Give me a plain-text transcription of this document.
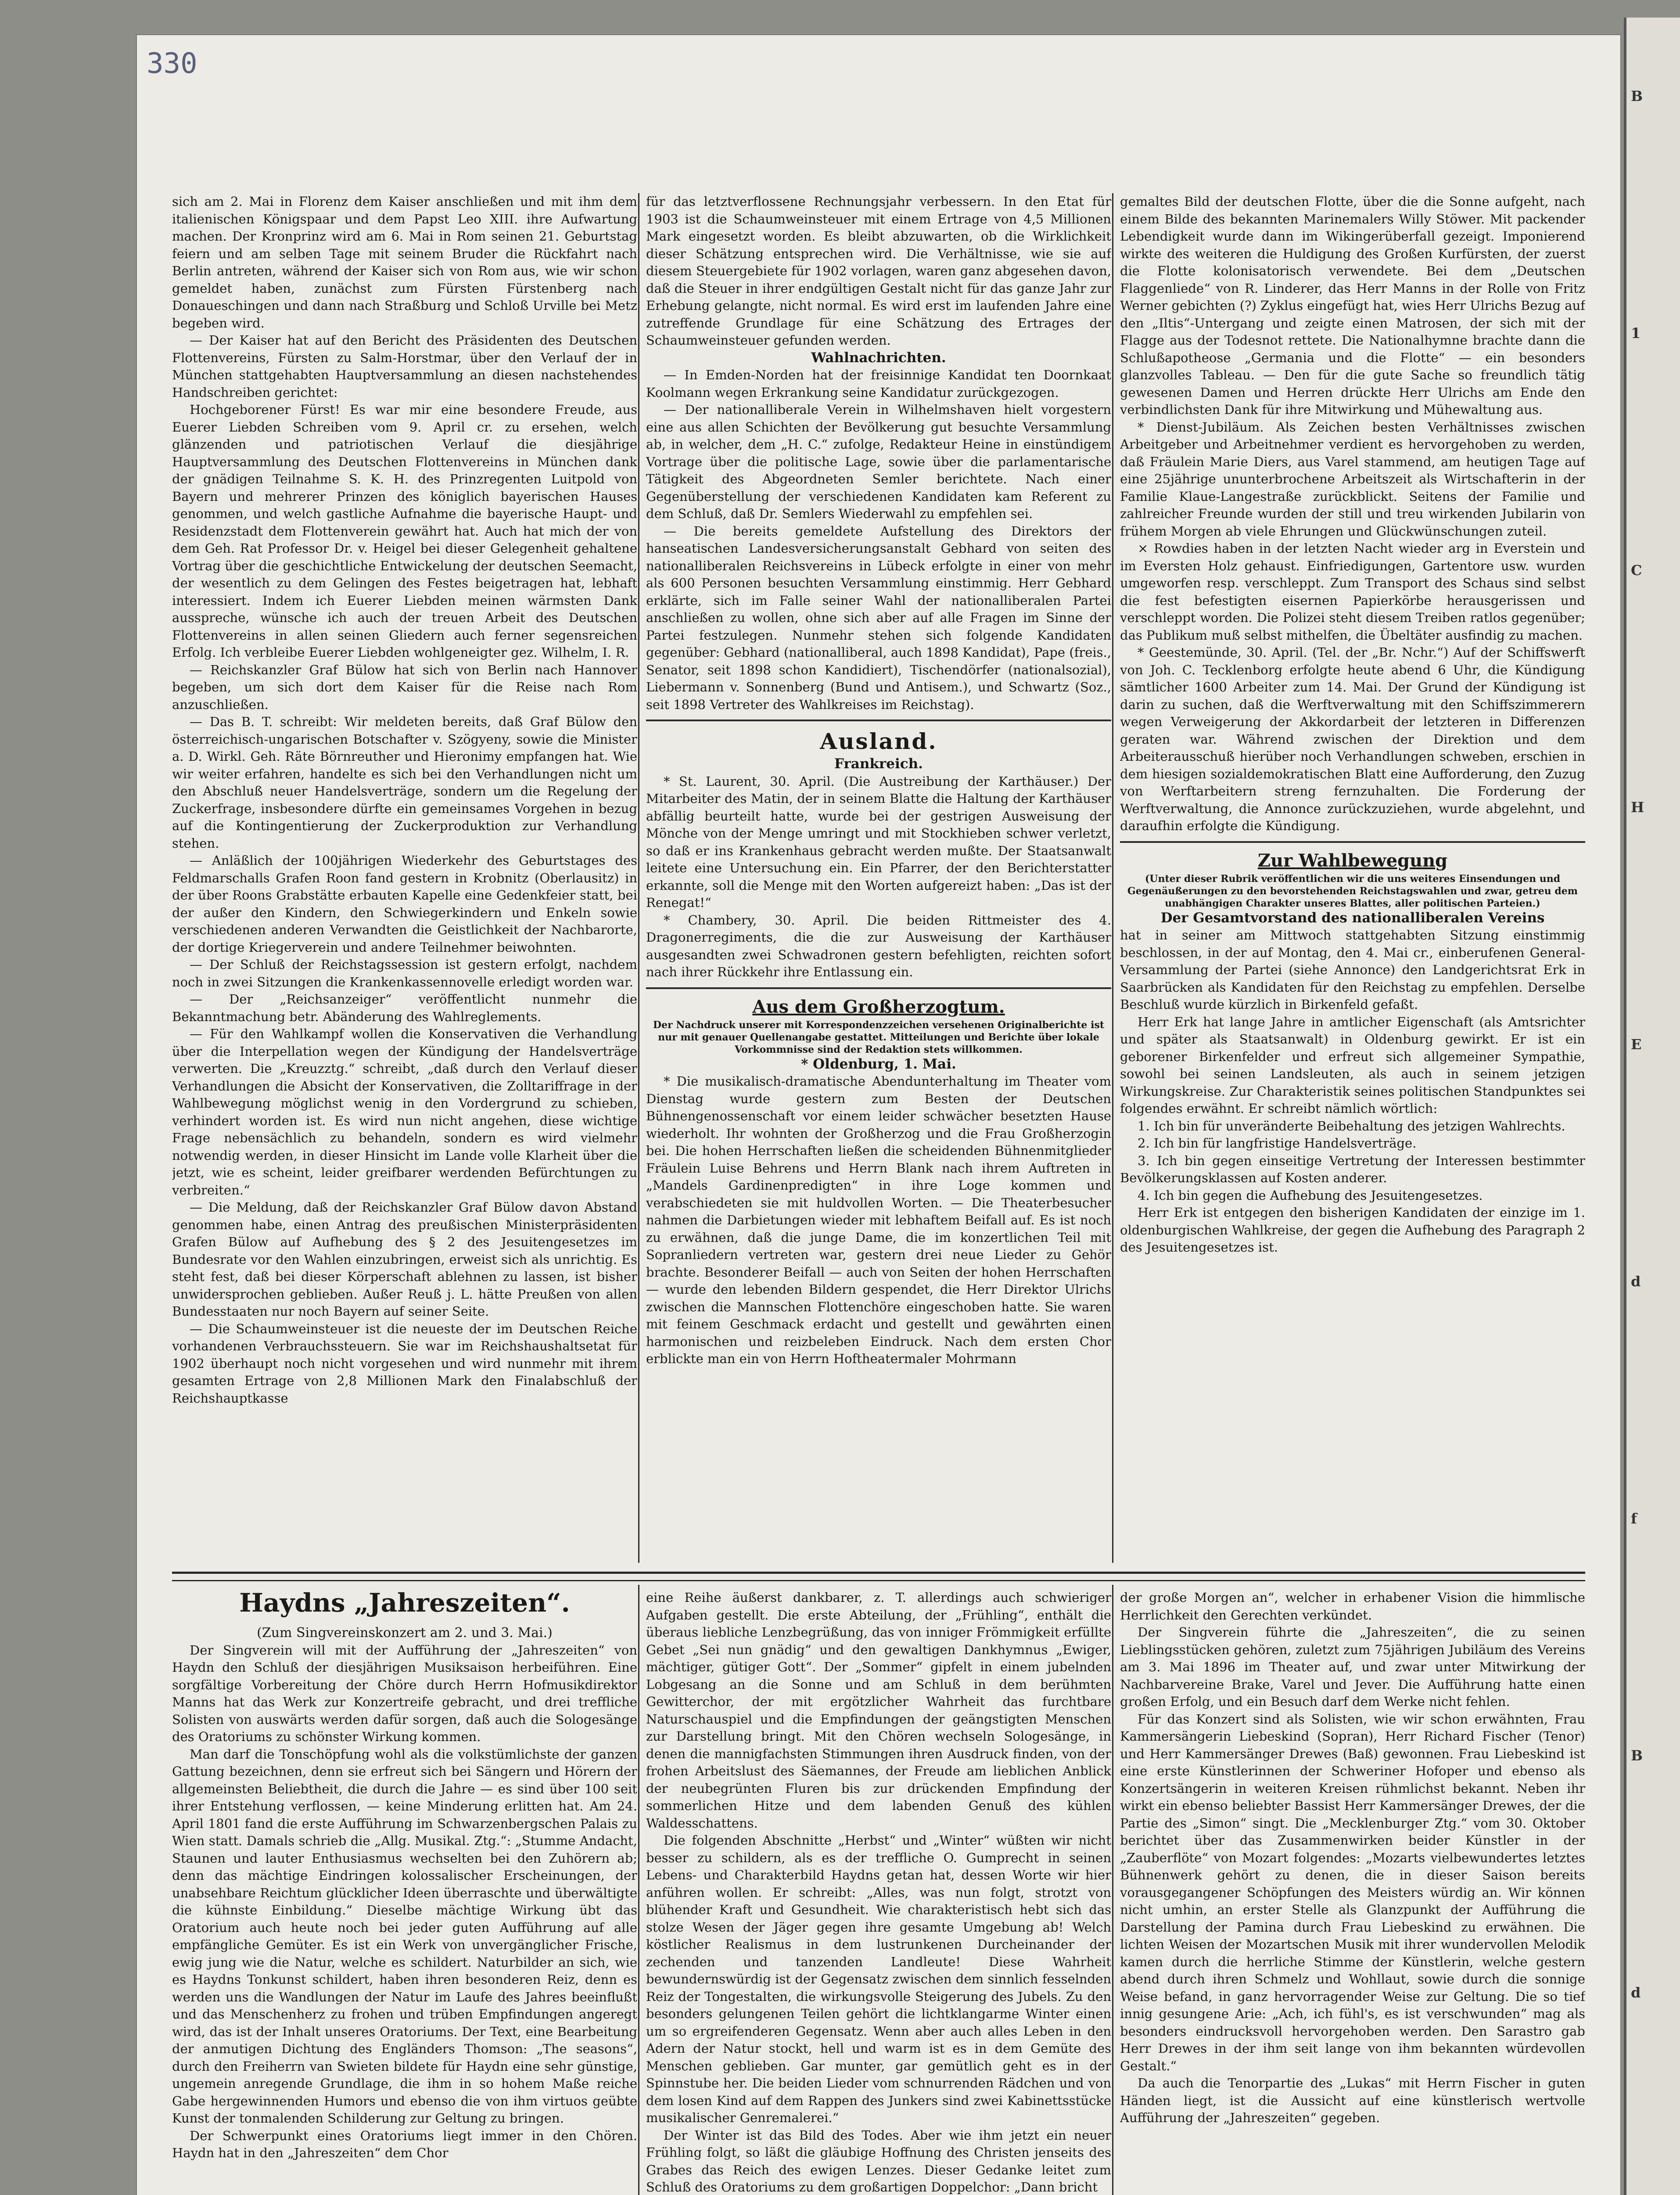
330

sich am 2. Mai in Florenz dem Kaiser anschließen und mit ihm dem italienischen Königspaar und dem Papst Leo XIII. ihre Aufwartung machen. Der Kronprinz wird am 6. Mai in Rom seinen 21. Geburtstag feiern und am selben Tage mit seinem Bruder die Rückfahrt nach Berlin antreten, während der Kaiser sich von Rom aus, wie wir schon gemeldet haben, zunächst zum Fürsten Fürstenberg nach Donaueschingen und dann nach Straßburg und Schloß Urville bei Metz begeben wird.

— Der Kaiser hat auf den Bericht des Präsidenten des Deutschen Flottenvereins, Fürsten zu Salm-Horstmar, über den Verlauf der in München stattgehabten Hauptversammlung an diesen nachstehendes Handschreiben gerichtet:

Hochgeborener Fürst! Es war mir eine besondere Freude, aus Euerer Liebden Schreiben vom 9. April cr. zu ersehen, welch glänzenden und patriotischen Verlauf die diesjährige Hauptversammlung des Deutschen Flottenvereins in München dank der gnädigen Teilnahme S. K. H. des Prinzregenten Luitpold von Bayern und mehrerer Prinzen des königlich bayerischen Hauses genommen, und welch gastliche Aufnahme die bayerische Haupt- und Residenzstadt dem Flottenverein gewährt hat. Auch hat mich der von dem Geh. Rat Professor Dr. v. Heigel bei dieser Gelegenheit gehaltene Vortrag über die geschichtliche Entwickelung der deutschen Seemacht, der wesentlich zu dem Gelingen des Festes beigetragen hat, lebhaft interessiert. Indem ich Euerer Liebden meinen wärmsten Dank ausspreche, wünsche ich auch der treuen Arbeit des Deutschen Flottenvereins in allen seinen Gliedern auch ferner segensreichen Erfolg. Ich verbleibe Euerer Liebden wohlgeneigter gez. Wilhelm, I. R.

— Reichskanzler Graf Bülow hat sich von Berlin nach Hannover begeben, um sich dort dem Kaiser für die Reise nach Rom anzuschließen.

— Das B. T. schreibt: Wir meldeten bereits, daß Graf Bülow den österreichisch-ungarischen Botschafter v. Szögyeny, sowie die Minister a. D. Wirkl. Geh. Räte Börnreuther und Hieronimy empfangen hat. Wie wir weiter erfahren, handelte es sich bei den Verhandlungen nicht um den Abschluß neuer Handelsverträge, sondern um die Regelung der Zuckerfrage, insbesondere dürfte ein gemeinsames Vorgehen in bezug auf die Kontingentierung der Zuckerproduktion zur Verhandlung stehen.

— Anläßlich der 100jährigen Wiederkehr des Geburtstages des Feldmarschalls Grafen Roon fand gestern in Krobnitz (Oberlausitz) in der über Roons Grabstätte erbauten Kapelle eine Gedenkfeier statt, bei der außer den Kindern, den Schwiegerkindern und Enkeln sowie verschiedenen anderen Verwandten die Geistlichkeit der Nachbarorte, der dortige Kriegerverein und andere Teilnehmer beiwohnten.

— Der Schluß der Reichstagssession ist gestern erfolgt, nachdem noch in zwei Sitzungen die Krankenkassennovelle erledigt worden war.

— Der „Reichsanzeiger“ veröffentlicht nunmehr die Bekanntmachung betr. Abänderung des Wahlreglements.

— Für den Wahlkampf wollen die Konservativen die Verhandlung über die Interpellation wegen der Kündigung der Handelsverträge verwerten. Die „Kreuzztg.“ schreibt, „daß durch den Verlauf dieser Verhandlungen die Absicht der Konservativen, die Zolltariffrage in der Wahlbewegung möglichst wenig in den Vordergrund zu schieben, verhindert worden ist. Es wird nun nicht angehen, diese wichtige Frage nebensächlich zu behandeln, sondern es wird vielmehr notwendig werden, in dieser Hinsicht im Lande volle Klarheit über die jetzt, wie es scheint, leider greifbarer werdenden Befürchtungen zu verbreiten.“

— Die Meldung, daß der Reichskanzler Graf Bülow davon Abstand genommen habe, einen Antrag des preußischen Ministerpräsidenten Grafen Bülow auf Aufhebung des § 2 des Jesuitengesetzes im Bundesrate vor den Wahlen einzubringen, erweist sich als unrichtig. Es steht fest, daß bei dieser Körperschaft ablehnen zu lassen, ist bisher unwidersprochen geblieben. Außer Reuß j. L. hätte Preußen von allen Bundesstaaten nur noch Bayern auf seiner Seite.

— Die Schaumweinsteuer ist die neueste der im Deutschen Reiche vorhandenen Verbrauchssteuern. Sie war im Reichshaushaltsetat für 1902 überhaupt noch nicht vorgesehen und wird nunmehr mit ihrem gesamten Ertrage von 2,8 Millionen Mark den Finalabschluß der Reichshauptkasse

für das letztverflossene Rechnungsjahr verbessern. In den Etat für 1903 ist die Schaumweinsteuer mit einem Ertrage von 4,5 Millionen Mark eingesetzt worden. Es bleibt abzuwarten, ob die Wirklichkeit dieser Schätzung entsprechen wird. Die Verhältnisse, wie sie auf diesem Steuergebiete für 1902 vorlagen, waren ganz abgesehen davon, daß die Steuer in ihrer endgültigen Gestalt nicht für das ganze Jahr zur Erhebung gelangte, nicht normal. Es wird erst im laufenden Jahre eine zutreffende Grundlage für eine Schätzung des Ertrages der Schaumweinsteuer gefunden werden.

Wahlnachrichten.

— In Emden-Norden hat der freisinnige Kandidat ten Doornkaat Koolmann wegen Erkrankung seine Kandidatur zurückgezogen.

— Der nationalliberale Verein in Wilhelmshaven hielt vorgestern eine aus allen Schichten der Bevölkerung gut besuchte Versammlung ab, in welcher, dem „H. C.“ zufolge, Redakteur Heine in einstündigem Vortrage über die politische Lage, sowie über die parlamentarische Tätigkeit des Abgeordneten Semler berichtete. Nach einer Gegenüberstellung der verschiedenen Kandidaten kam Referent zu dem Schluß, daß Dr. Semlers Wiederwahl zu empfehlen sei.

— Die bereits gemeldete Aufstellung des Direktors der hanseatischen Landesversicherungsanstalt Gebhard von seiten des nationalliberalen Reichsvereins in Lübeck erfolgte in einer von mehr als 600 Personen besuchten Versammlung einstimmig. Herr Gebhard erklärte, sich im Falle seiner Wahl der nationalliberalen Partei anschließen zu wollen, ohne sich aber auf alle Fragen im Sinne der Partei festzulegen. Nunmehr stehen sich folgende Kandidaten gegenüber: Gebhard (nationalliberal, auch 1898 Kandidat), Pape (freis., Senator, seit 1898 schon Kandidiert), Tischendörfer (nationalsozial), Liebermann v. Sonnenberg (Bund und Antisem.), und Schwartz (Soz., seit 1898 Vertreter des Wahlkreises im Reichstag).

Ausland.

Frankreich.

* St. Laurent, 30. April. (Die Austreibung der Karthäuser.) Der Mitarbeiter des Matin, der in seinem Blatte die Haltung der Karthäuser abfällig beurteilt hatte, wurde bei der gestrigen Ausweisung der Mönche von der Menge umringt und mit Stockhieben schwer verletzt, so daß er ins Krankenhaus gebracht werden mußte. Der Staatsanwalt leitete eine Untersuchung ein. Ein Pfarrer, der den Berichterstatter erkannte, soll die Menge mit den Worten aufgereizt haben: „Das ist der Renegat!“

* Chambery, 30. April. Die beiden Rittmeister des 4. Dragonerregiments, die die zur Ausweisung der Karthäuser ausgesandten zwei Schwadronen gestern befehligten, reichten sofort nach ihrer Rückkehr ihre Entlassung ein.

Aus dem Großherzogtum.

Der Nachdruck unserer mit Korrespondenzzeichen versehenen Originalberichte ist nur mit genauer Quellenangabe gestattet. Mitteilungen und Berichte über lokale Vorkommnisse sind der Redaktion stets willkommen.

* Oldenburg, 1. Mai.

* Die musikalisch-dramatische Abendunterhaltung im Theater vom Dienstag wurde gestern zum Besten der Deutschen Bühnengenossenschaft vor einem leider schwächer besetzten Hause wiederholt. Ihr wohnten der Großherzog und die Frau Großherzogin bei. Die hohen Herrschaften ließen die scheidenden Bühnenmitglieder Fräulein Luise Behrens und Herrn Blank nach ihrem Auftreten in „Mandels Gardinenpredigten“ in ihre Loge kommen und verabschiedeten sie mit huldvollen Worten. — Die Theaterbesucher nahmen die Darbietungen wieder mit lebhaftem Beifall auf. Es ist noch zu erwähnen, daß die junge Dame, die im konzertlichen Teil mit Sopranliedern vertreten war, gestern drei neue Lieder zu Gehör brachte. Besonderer Beifall — auch von Seiten der hohen Herrschaften — wurde den lebenden Bildern gespendet, die Herr Direktor Ulrichs zwischen die Mannschen Flottenchöre eingeschoben hatte. Sie waren mit feinem Geschmack erdacht und gestellt und gewährten einen harmonischen und reizbeleben Eindruck. Nach dem ersten Chor erblickte man ein von Herrn Hoftheatermaler Mohrmann

gemaltes Bild der deutschen Flotte, über die die Sonne aufgeht, nach einem Bilde des bekannten Marinemalers Willy Stöwer. Mit packender Lebendigkeit wurde dann im Wikingerüberfall gezeigt. Imponierend wirkte des weiteren die Huldigung des Großen Kurfürsten, der zuerst die Flotte kolonisatorisch verwendete. Bei dem „Deutschen Flaggenliede“ von R. Linderer, das Herr Manns in der Rolle von Fritz Werner gebichten (?) Zyklus eingefügt hat, wies Herr Ulrichs Bezug auf den „Iltis“-Untergang und zeigte einen Matrosen, der sich mit der Flagge aus der Todesnot rettete. Die Nationalhymne brachte dann die Schlußapotheose „Germania und die Flotte“ — ein besonders glanzvolles Tableau. — Den für die gute Sache so freundlich tätig gewesenen Damen und Herren drückte Herr Ulrichs am Ende den verbindlichsten Dank für ihre Mitwirkung und Mühewaltung aus.

* Dienst-Jubiläum. Als Zeichen besten Verhältnisses zwischen Arbeitgeber und Arbeitnehmer verdient es hervorgehoben zu werden, daß Fräulein Marie Diers, aus Varel stammend, am heutigen Tage auf eine 25jährige ununterbrochene Arbeitszeit als Wirtschafterin in der Familie Klaue-Langestraße zurückblickt. Seitens der Familie und zahlreicher Freunde wurden der still und treu wirkenden Jubilarin von frühem Morgen ab viele Ehrungen und Glückwünschungen zuteil.

× Rowdies haben in der letzten Nacht wieder arg in Everstein und im Eversten Holz gehaust. Einfriedigungen, Gartentore usw. wurden umgeworfen resp. verschleppt. Zum Transport des Schaus sind selbst die fest befestigten eisernen Papierkörbe herausgerissen und verschleppt worden. Die Polizei steht diesem Treiben ratlos gegenüber; das Publikum muß selbst mithelfen, die Übeltäter ausfindig zu machen.

* Geestemünde, 30. April. (Tel. der „Br. Nchr.“) Auf der Schiffswerft von Joh. C. Tecklenborg erfolgte heute abend 6 Uhr, die Kündigung sämtlicher 1600 Arbeiter zum 14. Mai. Der Grund der Kündigung ist darin zu suchen, daß die Werftverwaltung mit den Schiffszimmerern wegen Verweigerung der Akkordarbeit der letzteren in Differenzen geraten war. Während zwischen der Direktion und dem Arbeiterausschuß hierüber noch Verhandlungen schweben, erschien in dem hiesigen sozialdemokratischen Blatt eine Aufforderung, den Zuzug von Werftarbeitern streng fernzuhalten. Die Forderung der Werftverwaltung, die Annonce zurückzuziehen, wurde abgelehnt, und daraufhin erfolgte die Kündigung.

Zur Wahlbewegung

(Unter dieser Rubrik veröffentlichen wir die uns weiteres Einsendungen und Gegenäußerungen zu den bevorstehenden Reichstagswahlen und zwar, getreu dem unabhängigen Charakter unseres Blattes, aller politischen Parteien.)

Der Gesamtvorstand des nationalliberalen Vereins

hat in seiner am Mittwoch stattgehabten Sitzung einstimmig beschlossen, in der auf Montag, den 4. Mai cr., einberufenen General-Versammlung der Partei (siehe Annonce) den Landgerichtsrat Erk in Saarbrücken als Kandidaten für den Reichstag zu empfehlen. Derselbe Beschluß wurde kürzlich in Birkenfeld gefaßt.

Herr Erk hat lange Jahre in amtlicher Eigenschaft (als Amtsrichter und später als Staatsanwalt) in Oldenburg gewirkt. Er ist ein geborener Birkenfelder und erfreut sich allgemeiner Sympathie, sowohl bei seinen Landsleuten, als auch in seinem jetzigen Wirkungskreise. Zur Charakteristik seines politischen Standpunktes sei folgendes erwähnt. Er schreibt nämlich wörtlich:

1. Ich bin für unveränderte Beibehaltung des jetzigen Wahlrechts.

2. Ich bin für langfristige Handelsverträge.

3. Ich bin gegen einseitige Vertretung der Interessen bestimmter Bevölkerungsklassen auf Kosten anderer.

4. Ich bin gegen die Aufhebung des Jesuitengesetzes.

Herr Erk ist entgegen den bisherigen Kandidaten der einzige im 1. oldenburgischen Wahlkreise, der gegen die Aufhebung des Paragraph 2 des Jesuitengesetzes ist.

Haydns „Jahreszeiten“.

(Zum Singvereinskonzert am 2. und 3. Mai.)

Der Singverein will mit der Aufführung der „Jahreszeiten“ von Haydn den Schluß der diesjährigen Musiksaison herbeiführen. Eine sorgfältige Vorbereitung der Chöre durch Herrn Hofmusikdirektor Manns hat das Werk zur Konzertreife gebracht, und drei treffliche Solisten von auswärts werden dafür sorgen, daß auch die Sologesänge des Oratoriums zu schönster Wirkung kommen.

Man darf die Tonschöpfung wohl als die volkstümlichste der ganzen Gattung bezeichnen, denn sie erfreut sich bei Sängern und Hörern der allgemeinsten Beliebtheit, die durch die Jahre — es sind über 100 seit ihrer Entstehung verflossen, — keine Minderung erlitten hat. Am 24. April 1801 fand die erste Aufführung im Schwarzenbergschen Palais zu Wien statt. Damals schrieb die „Allg. Musikal. Ztg.“: „Stumme Andacht, Staunen und lauter Enthusiasmus wechselten bei den Zuhörern ab; denn das mächtige Eindringen kolossalischer Erscheinungen, der unabsehbare Reichtum glücklicher Ideen überraschte und überwältigte die kühnste Einbildung.“ Dieselbe mächtige Wirkung übt das Oratorium auch heute noch bei jeder guten Aufführung auf alle empfängliche Gemüter. Es ist ein Werk von unvergänglicher Frische, ewig jung wie die Natur, welche es schildert. Naturbilder an sich, wie es Haydns Tonkunst schildert, haben ihren besonderen Reiz, denn es werden uns die Wandlungen der Natur im Laufe des Jahres beeinflußt und das Menschenherz zu frohen und trüben Empfindungen angeregt wird, das ist der Inhalt unseres Oratoriums. Der Text, eine Bearbeitung der anmutigen Dichtung des Engländers Thomson: „The seasons“, durch den Freiherrn van Swieten bildete für Haydn eine sehr günstige, ungemein anregende Grundlage, die ihm in so hohem Maße reiche Gabe hergewinnenden Humors und ebenso die von ihm virtuos geübte Kunst der tonmalenden Schilderung zur Geltung zu bringen.

Der Schwerpunkt eines Oratoriums liegt immer in den Chören. Haydn hat in den „Jahreszeiten“ dem Chor

eine Reihe äußerst dankbarer, z. T. allerdings auch schwieriger Aufgaben gestellt. Die erste Abteilung, der „Frühling“, enthält die überaus liebliche Lenzbegrüßung, das von inniger Frömmigkeit erfüllte Gebet „Sei nun gnädig“ und den gewaltigen Dankhymnus „Ewiger, mächtiger, gütiger Gott“. Der „Sommer“ gipfelt in einem jubelnden Lobgesang an die Sonne und am Schluß in dem berühmten Gewitterchor, der mit ergötzlicher Wahrheit das furchtbare Naturschauspiel und die Empfindungen der geängstigten Menschen zur Darstellung bringt. Mit den Chören wechseln Sologesänge, in denen die mannigfachsten Stimmungen ihren Ausdruck finden, von der frohen Arbeitslust des Säemannes, der Freude am lieblichen Anblick der neubegrünten Fluren bis zur drückenden Empfindung der sommerlichen Hitze und dem labenden Genuß des kühlen Waldesschattens.

Die folgenden Abschnitte „Herbst“ und „Winter“ wüßten wir nicht besser zu schildern, als es der treffliche O. Gumprecht in seinen Lebens- und Charakterbild Haydns getan hat, dessen Worte wir hier anführen wollen. Er schreibt: „Alles, was nun folgt, strotzt von blühender Kraft und Gesundheit. Wie charakteristisch hebt sich das stolze Wesen der Jäger gegen ihre gesamte Umgebung ab! Welch köstlicher Realismus in dem lustrunkenen Durcheinander der zechenden und tanzenden Landleute! Diese Wahrheit bewundernswürdig ist der Gegensatz zwischen dem sinnlich fesselnden Reiz der Tongestalten, die wirkungsvolle Steigerung des Jubels. Zu den besonders gelungenen Teilen gehört die lichtklangarme Winter einen um so ergreifenderen Gegensatz. Wenn aber auch alles Leben in den Adern der Natur stockt, hell und warm ist es in dem Gemüte des Menschen geblieben. Gar munter, gar gemütlich geht es in der Spinnstube her. Die beiden Lieder vom schnurrenden Rädchen und von dem losen Kind auf dem Rappen des Junkers sind zwei Kabinettsstücke musikalischer Genremalerei.“

Der Winter ist das Bild des Todes. Aber wie ihm jetzt ein neuer Frühling folgt, so läßt die gläubige Hoffnung des Christen jenseits des Grabes das Reich des ewigen Lenzes. Dieser Gedanke leitet zum Schluß des Oratoriums zu dem großartigen Doppelchor: „Dann bricht

der große Morgen an“, welcher in erhabener Vision die himmlische Herrlichkeit den Gerechten verkündet.

Der Singverein führte die „Jahreszeiten“, die zu seinen Lieblingsstücken gehören, zuletzt zum 75jährigen Jubiläum des Vereins am 3. Mai 1896 im Theater auf, und zwar unter Mitwirkung der Nachbarvereine Brake, Varel und Jever. Die Aufführung hatte einen großen Erfolg, und ein Besuch darf dem Werke nicht fehlen.

Für das Konzert sind als Solisten, wie wir schon erwähnten, Frau Kammersängerin Liebeskind (Sopran), Herr Richard Fischer (Tenor) und Herr Kammersänger Drewes (Baß) gewonnen. Frau Liebeskind ist eine erste Künstlerinnen der Schweriner Hofoper und ebenso als Konzertsängerin in weiteren Kreisen rühmlichst bekannt. Neben ihr wirkt ein ebenso beliebter Bassist Herr Kammersänger Drewes, der die Partie des „Simon“ singt. Die „Mecklenburger Ztg.“ vom 30. Oktober berichtet über das Zusammenwirken beider Künstler in der „Zauberflöte“ von Mozart folgendes: „Mozarts vielbewundertes letztes Bühnenwerk gehört zu denen, die in dieser Saison bereits vorausgegangener Schöpfungen des Meisters würdig an. Wir können nicht umhin, an erster Stelle als Glanzpunkt der Aufführung die Darstellung der Pamina durch Frau Liebeskind zu erwähnen. Die lichten Weisen der Mozartschen Musik mit ihrer wundervollen Melodik kamen durch die herrliche Stimme der Künstlerin, welche gestern abend durch ihren Schmelz und Wohllaut, sowie durch die sonnige Weise befand, in ganz hervorragender Weise zur Geltung. Die so tief innig gesungene Arie: „Ach, ich fühl's, es ist verschwunden“ mag als besonders eindrucksvoll hervorgehoben werden. Den Sarastro gab Herr Drewes in der ihm seit lange von ihm bekannten würdevollen Gestalt.“

Da auch die Tenorpartie des „Lukas“ mit Herrn Fischer in guten Händen liegt, ist die Aussicht auf eine künstlerisch wertvolle Aufführung der „Jahreszeiten“ gegeben.

B
1
C
H
E
d
f
B
d
